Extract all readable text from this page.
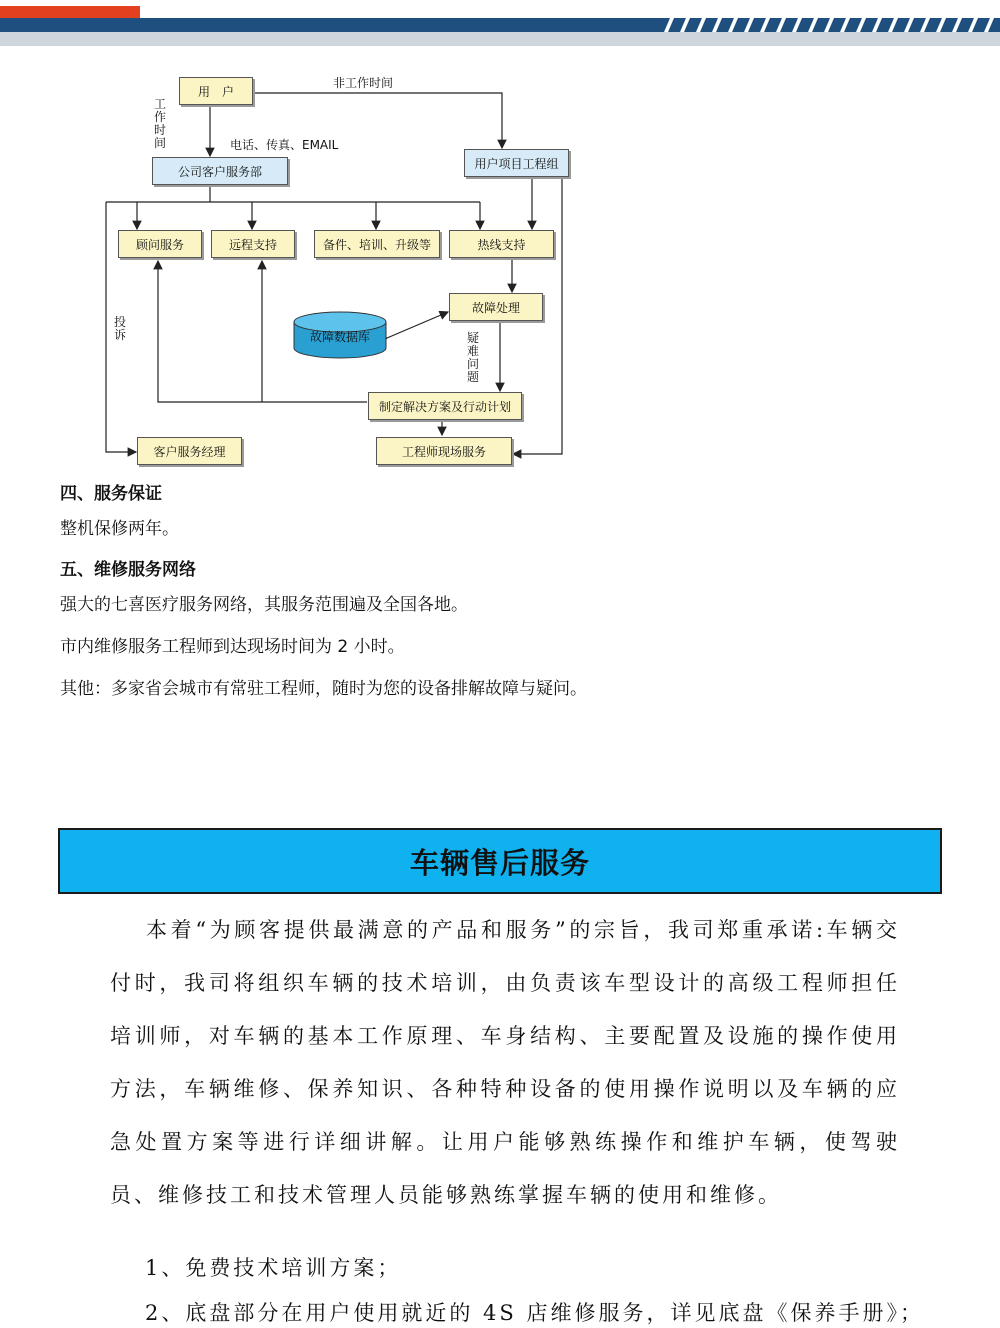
用　户
非工作时间
工作时间	电话、传真、EMAIL
公司客户服务部
用户项目工程组
顾问服务	远程支持	备件、培训、升级等	热线支持
故障处理
故障数据库
投诉	疑难问题
制定解决方案及行动计划
客户服务经理	工程师现场服务
四、服务保证
整机保修两年。
五、维修服务网络
强大的七喜医疗服务网络，其服务范围遍及全国各地。
市内维修服务工程师到达现场时间为 2 小时。
其他：多家省会城市有常驻工程师，随时为您的设备排解故障与疑问。
车辆售后服务
本着“为顾客提供最满意的产品和服务”的宗旨，我司郑重承诺:车辆交付时，我司将组织车辆的技术培训，由负责该车型设计的高级工程师担任培训师，对车辆的基本工作原理、车身结构、主要配置及设施的操作使用方法，车辆维修、保养知识、各种特种设备的使用操作说明以及车辆的应急处置方案等进行详细讲解。让用户能够熟练操作和维护车辆，使驾驶员、维修技工和技术管理人员能够熟练掌握车辆的使用和维修。
1、免费技术培训方案；
2、底盘部分在用户使用就近的 4S 店维修服务，详见底盘《保养手册》；
